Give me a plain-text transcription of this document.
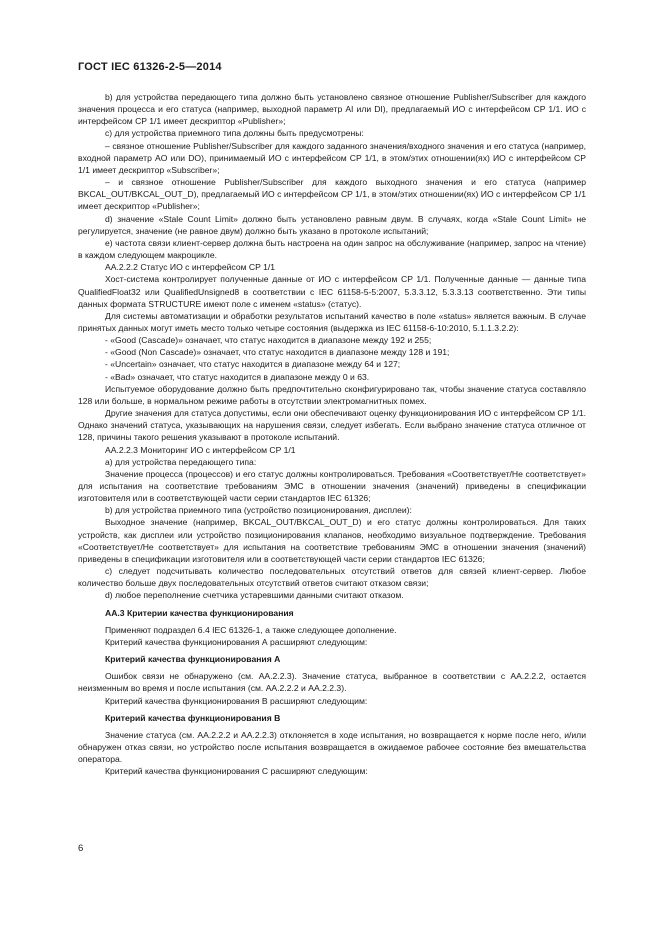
ГОСТ IEC 61326-2-5—2014

b) для устройства передающего типа должно быть установлено связное отношение Publisher/Subscriber для каждого значения процесса и его статуса (например, выходной параметр AI или DI), предлагаемый ИО с интерфейсом CP 1/1. ИО с интерфейсом CP 1/1 имеет дескриптор «Publisher»;

c) для устройства приемного типа должны быть предусмотрены:

– связное отношение Publisher/Subscriber для каждого заданного значения/входного значения и его статуса (например, входной параметр AO или DO), принимаемый ИО с интерфейсом CP 1/1, в этом/этих отношении(ях) ИО с интерфейсом CP 1/1 имеет дескриптор «Subscriber»;

– и связное отношение Publisher/Subscriber для каждого выходного значения и его статуса (например BKCAL_OUT/BKCAL_OUT_D), предлагаемый ИО с интерфейсом CP 1/1, в этом/этих отношении(ях) ИО с интерфейсом CP 1/1 имеет дескриптор «Publisher»;

d) значение «Stale Count Limit» должно быть установлено равным двум. В случаях, когда «Stale Count Limit» не регулируется, значение (не равное двум) должно быть указано в протоколе испытаний;

e) частота связи клиент-сервер должна быть настроена на один запрос на обслуживание (например, запрос на чтение) в каждом следующем макроцикле.

AA.2.2.2 Статус ИО с интерфейсом CP 1/1

Хост-система контролирует полученные данные от ИО с интерфейсом CP 1/1. Полученные данные — данные типа QualifiedFloat32 или QualifiedUnsigned8 в соответствии с IEC 61158-5-5:2007, 5.3.3.12, 5.3.3.13 соответственно. Эти типы данных формата STRUCTURE имеют поле с именем «status» (статус).

Для системы автоматизации и обработки результатов испытаний качество в поле «status» является важным. В случае принятых данных могут иметь место только четыре состояния (выдержка из IEC 61158-6-10:2010, 5.1.1.3.2.2):

- «Good (Cascade)» означает, что статус находится в диапазоне между 192 и 255;

- «Good (Non Cascade)» означает, что статус находится в диапазоне между 128 и 191;

- «Uncertain» означает, что статус находится в диапазоне между 64 и 127;

- «Bad» означает, что статус находится в диапазоне между 0 и 63.

Испытуемое оборудование должно быть предпочтительно сконфигурировано так, чтобы значение статуса составляло 128 или больше, в нормальном режиме работы в отсутствии электромагнитных помех.

Другие значения для статуса допустимы, если они обеспечивают оценку функционирования ИО с интерфейсом CP 1/1. Однако значений статуса, указывающих на нарушения связи, следует избегать. Если выбрано значение статуса отличное от 128, причины такого решения указывают в протоколе испытаний.

AA.2.2.3 Мониторинг ИО с интерфейсом CP 1/1

a) для устройства передающего типа:

Значение процесса (процессов) и его статус должны контролироваться. Требования «Соответствует/Не соответствует» для испытания на соответствие требованиям ЭМС в отношении значения (значений) приведены в спецификации изготовителя или в соответствующей части серии стандартов IEC 61326;

b) для устройства приемного типа (устройство позиционирования, дисплеи):

Выходное значение (например, BKCAL_OUT/BKCAL_OUT_D) и его статус должны контролироваться. Для таких устройств, как дисплеи или устройство позиционирования клапанов, необходимо визуальное подтверждение. Требования «Соответствует/Не соответствует» для испытания на соответствие требованиям ЭМС в отношении значения (значений) приведены в спецификации изготовителя или в соответствующей части серии стандартов IEC 61326;

c) следует подсчитывать количество последовательных отсутствий ответов для связей клиент-сервер. Любое количество больше двух последовательных отсутствий ответов считают отказом связи;

d) любое переполнение счетчика устаревшими данными считают отказом.

AA.3 Критерии качества функционирования

Применяют подраздел 6.4 IEC 61326-1, а также следующее дополнение.

Критерий качества функционирования А расширяют следующим:

Критерий качества функционирования А

Ошибок связи не обнаружено (см. AA.2.2.3). Значение статуса, выбранное в соответствии с AA.2.2.2, остается неизменным во время и после испытания (см. AA.2.2.2 и AA.2.2.3).

Критерий качества функционирования В расширяют следующим:

Критерий качества функционирования В

Значение статуса (см. AA.2.2.2 и AA.2.2.3) отклоняется в ходе испытания, но возвращается к норме после него, и/или обнаружен отказ связи, но устройство после испытания возвращается в ожидаемое рабочее состояние без вмешательства оператора.

Критерий качества функционирования С расширяют следующим:

6
